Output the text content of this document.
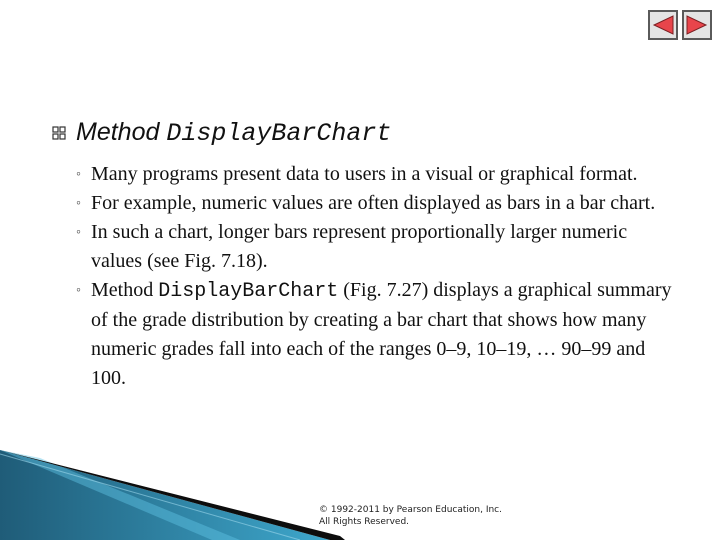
Method DisplayBarChart
◦ Many programs present data to users in a visual or graphical format.
◦ For example, numeric values are often displayed as bars in a bar chart.
◦ In such a chart, longer bars represent proportionally larger numeric values (see Fig. 7.18).
◦ Method DisplayBarChart (Fig. 7.27) displays a graphical summary of the grade distribution by creating a bar chart that shows how many numeric grades fall into each of the ranges 0–9, 10–19, … 90–99 and 100.
© 1992-2011 by Pearson Education, Inc.
All Rights Reserved.
